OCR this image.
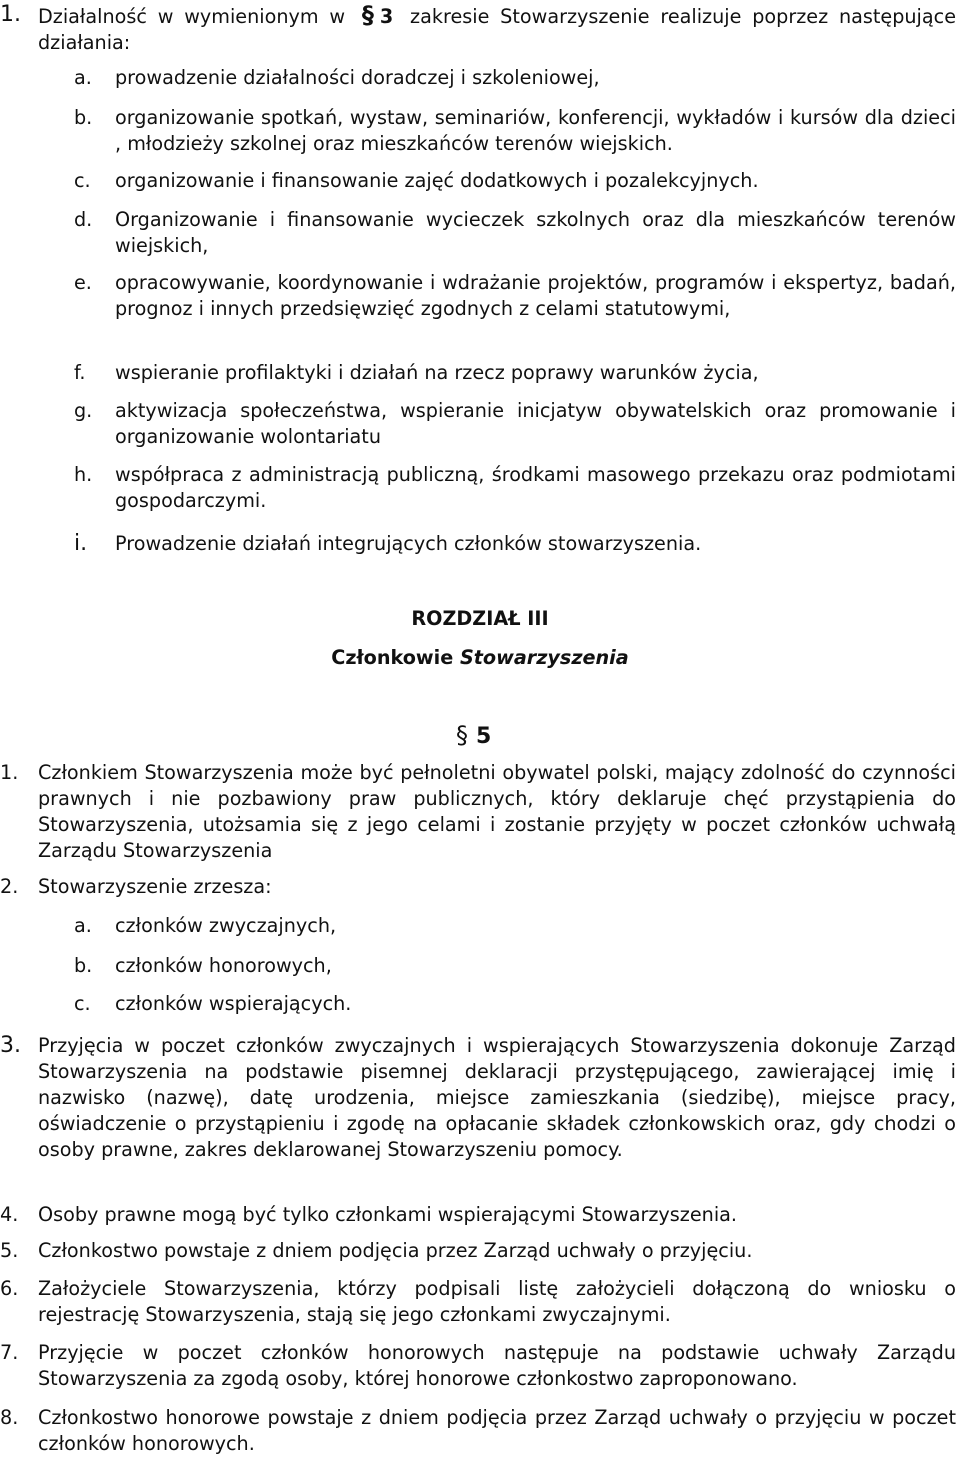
1. Działalność w wymienionym w § 3 zakresie Stowarzyszenie realizuje poprzez następujące działania:
a. prowadzenie działalności doradczej i szkoleniowej,
b. organizowanie spotkań, wystaw, seminariów, konferencji, wykładów i kursów dla dzieci , młodzieży szkolnej oraz mieszkańców terenów wiejskich.
c. organizowanie i finansowanie zajęć dodatkowych i pozalekcyjnych.
d. Organizowanie i finansowanie wycieczek szkolnych oraz dla mieszkańców terenów wiejskich,
e. opracowywanie, koordynowanie i wdrażanie projektów, programów i ekspertyz, badań, prognoz i innych przedsięwzięć zgodnych z celami statutowymi,
f. wspieranie profilaktyki i działań na rzecz poprawy warunków życia,
g. aktywizacja społeczeństwa, wspieranie inicjatyw obywatelskich oraz promowanie i organizowanie wolontariatu
h. współpraca z administracją publiczną, środkami masowego przekazu oraz podmiotami gospodarczymi.
i. Prowadzenie działań integrujących członków stowarzyszenia.
ROZDZIAŁ III
Członkowie Stowarzyszenia
§ 5
1. Członkiem Stowarzyszenia może być pełnoletni obywatel polski, mający zdolność do czynności prawnych i nie pozbawiony praw publicznych, który deklaruje chęć przystąpienia do Stowarzyszenia, utożsamia się z jego celami i zostanie przyjęty w poczet członków uchwałą Zarządu Stowarzyszenia
2. Stowarzyszenie zrzesza:
a. członków zwyczajnych,
b. członków honorowych,
c. członków wspierających.
3. Przyjęcia w poczet członków zwyczajnych i wspierających Stowarzyszenia dokonuje Zarząd Stowarzyszenia na podstawie pisemnej deklaracji przystępującego, zawierającej imię i nazwisko (nazwę), datę urodzenia, miejsce zamieszkania (siedzibę), miejsce pracy, oświadczenie o przystąpieniu i zgodę na opłacanie składek członkowskich oraz, gdy chodzi o osoby prawne, zakres deklarowanej Stowarzyszeniu pomocy.
4. Osoby prawne mogą być tylko członkami wspierającymi Stowarzyszenia.
5. Członkostwo powstaje z dniem podjęcia przez Zarząd uchwały o przyjęciu.
6. Założyciele Stowarzyszenia, którzy podpisali listę założycieli dołączoną do wniosku o rejestrację Stowarzyszenia, stają się jego członkami zwyczajnymi.
7. Przyjęcie w poczet członków honorowych następuje na podstawie uchwały Zarządu Stowarzyszenia za zgodą osoby, której honorowe członkostwo zaproponowano.
8. Członkostwo honorowe powstaje z dniem podjęcia przez Zarząd uchwały o przyjęciu w poczet członków honorowych.
